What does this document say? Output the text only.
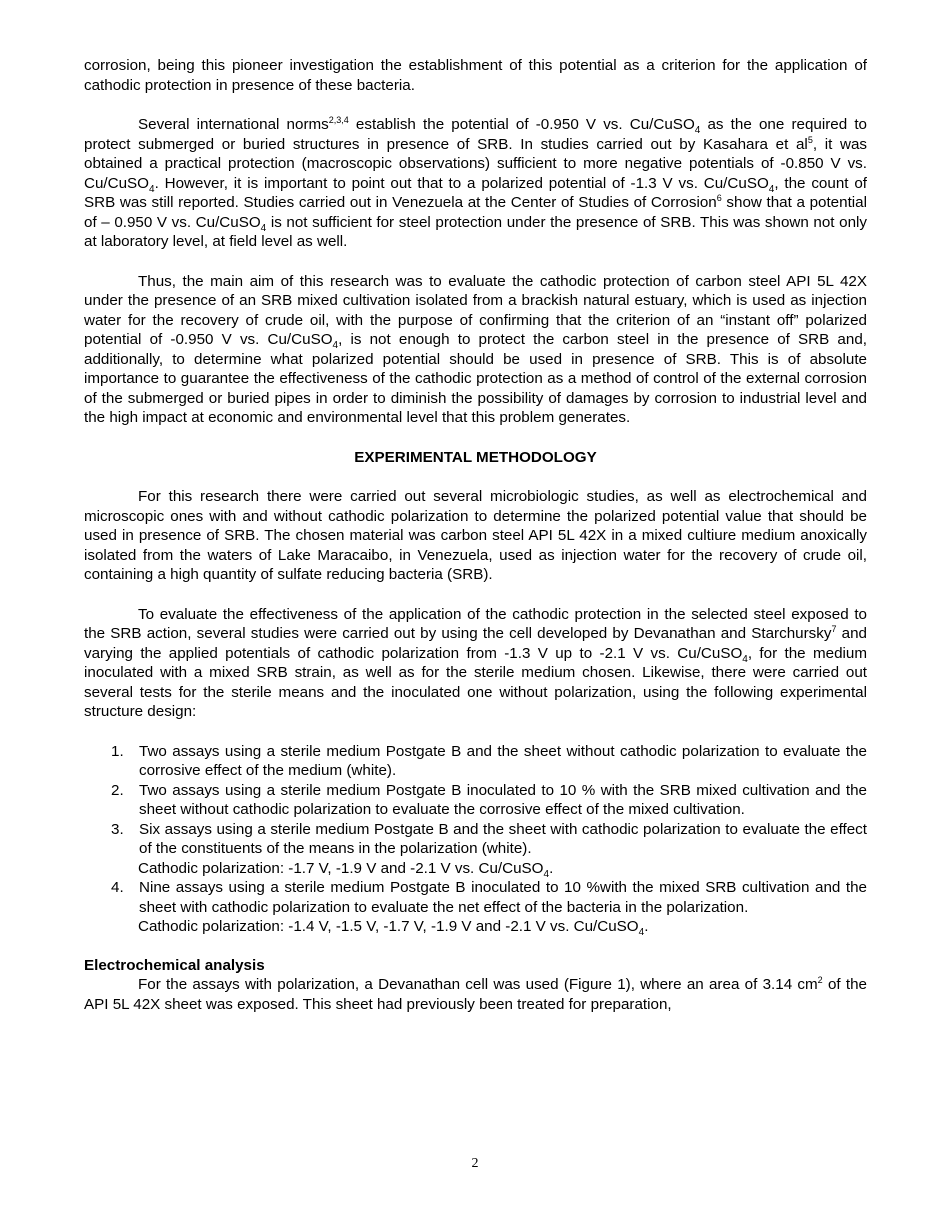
corrosion, being this pioneer investigation the establishment of this potential as a criterion for the application of cathodic protection in presence of these bacteria.

Several international norms$^{2,3,4}$ establish the potential of -0.950 V vs. Cu/CuSO$_4$ as the one required to protect submerged or buried structures in presence of SRB. In studies carried out by Kasahara et $al^5$, it was obtained a practical protection (macroscopic observations) sufficient to more negative potentials of -0.850 V vs. Cu/CuSO$_4$. However, it is important to point out that to a polarized potential of -1.3 V vs. Cu/CuSO$_4$, the count of SRB was still reported. Studies carried out in Venezuela at the Center of Studies of Corrosion$^6$ show that a potential of – 0.950 V vs. Cu/CuSO$_4$ is not sufficient for steel protection under the presence of SRB. This was shown not only at laboratory level, at field level as well.

Thus, the main aim of this research was to evaluate the cathodic protection of carbon steel API 5L 42X under the presence of an SRB mixed cultivation isolated from a brackish natural estuary, which is used as injection water for the recovery of crude oil, with the purpose of confirming that the criterion of an “instant off” polarized potential of -0.950 V vs. Cu/CuSO$_4$, is not enough to protect the carbon steel in the presence of SRB and, additionally, to determine what polarized potential should be used in presence of SRB. This is of absolute importance to guarantee the effectiveness of the cathodic protection as a method of control of the external corrosion of the submerged or buried pipes in order to diminish the possibility of damages by corrosion to industrial level and the high impact at economic and environmental level that this problem generates.

EXPERIMENTAL METHODOLOGY

For this research there were carried out several microbiologic studies, as well as electrochemical and microscopic ones with and without cathodic polarization to determine the polarized potential value that should be used in presence of SRB. The chosen material was carbon steel API 5L 42X in a mixed cultiure medium anoxically isolated from the waters of Lake Maracaibo, in Venezuela, used as injection water for the recovery of crude oil, containing a high quantity of sulfate reducing bacteria (SRB).

To evaluate the effectiveness of the application of the cathodic protection in the selected steel exposed to the SRB action, several studies were carried out by using the cell developed by Devanathan and Starchursky$^7$ and varying the applied potentials of cathodic polarization from -1.3 V up to -2.1 V vs. Cu/CuSO$_4$, for the medium inoculated with a mixed SRB strain, as well as for the sterile medium chosen. Likewise, there were carried out several tests for the sterile means and the inoculated one without polarization, using the following experimental structure design:

1. Two assays using a sterile medium Postgate B and the sheet without cathodic polarization to evaluate the corrosive effect of the medium (white).
2. Two assays using a sterile medium Postgate B inoculated to 10 % with the SRB mixed cultivation and the sheet without cathodic polarization to evaluate the corrosive effect of the mixed cultivation.
3. Six assays using a sterile medium Postgate B and the sheet with cathodic polarization to evaluate the effect of the constituents of the means in the polarization (white).
Cathodic polarization: -1.7 V, -1.9 V and -2.1 V vs. Cu/CuSO$_4$.
4. Nine assays using a sterile medium Postgate B inoculated to 10 %with the mixed SRB cultivation and the sheet with cathodic polarization to evaluate the net effect of the bacteria in the polarization.
Cathodic polarization: -1.4 V, -1.5 V, -1.7 V, -1.9 V and -2.1 V vs. Cu/CuSO$_4$.
Electrochemical analysis

For the assays with polarization, a Devanathan cell was used (Figure 1), where an area of 3.14 $cm^2$ of the API 5L 42X sheet was exposed. This sheet had previously been treated for preparation,

2
